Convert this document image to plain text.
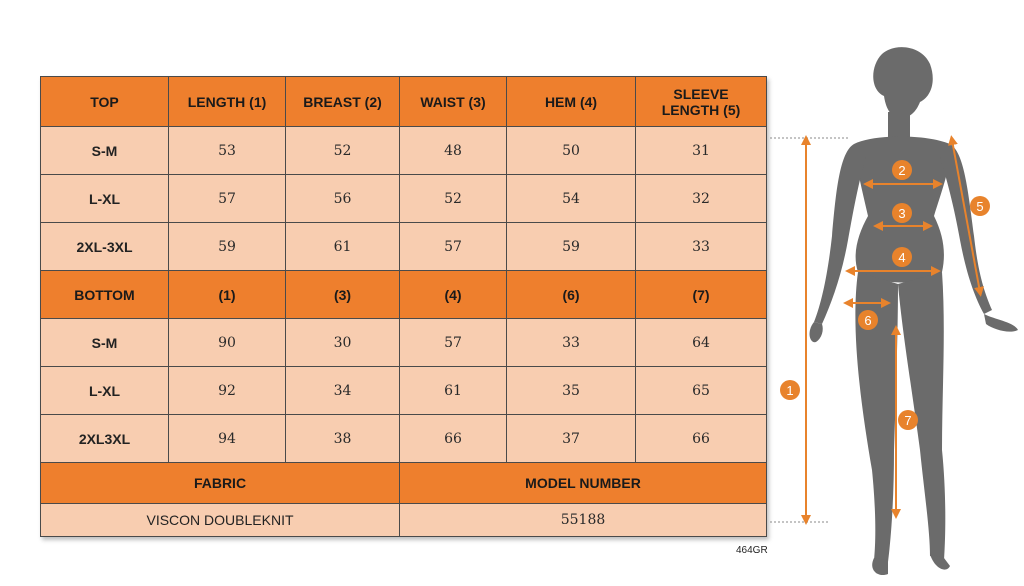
TOP	LENGTH (1)	BREAST (2)	WAIST (3)	HEM (4)	SLEEVE LENGTH (5)
S-M	53	52	48	50	31
L-XL	57	56	52	54	32
2XL-3XL	59	61	57	59	33
BOTTOM	(1)	(3)	(4)	(6)	(7)
S-M	90	30	57	33	64
L-XL	92	34	61	35	65
2XL3XL	94	38	66	37	66
FABRIC			MODEL NUMBER		
VISCON DOUBLEKNIT			55188		
464GR
1
2
3
4
5
6
7
